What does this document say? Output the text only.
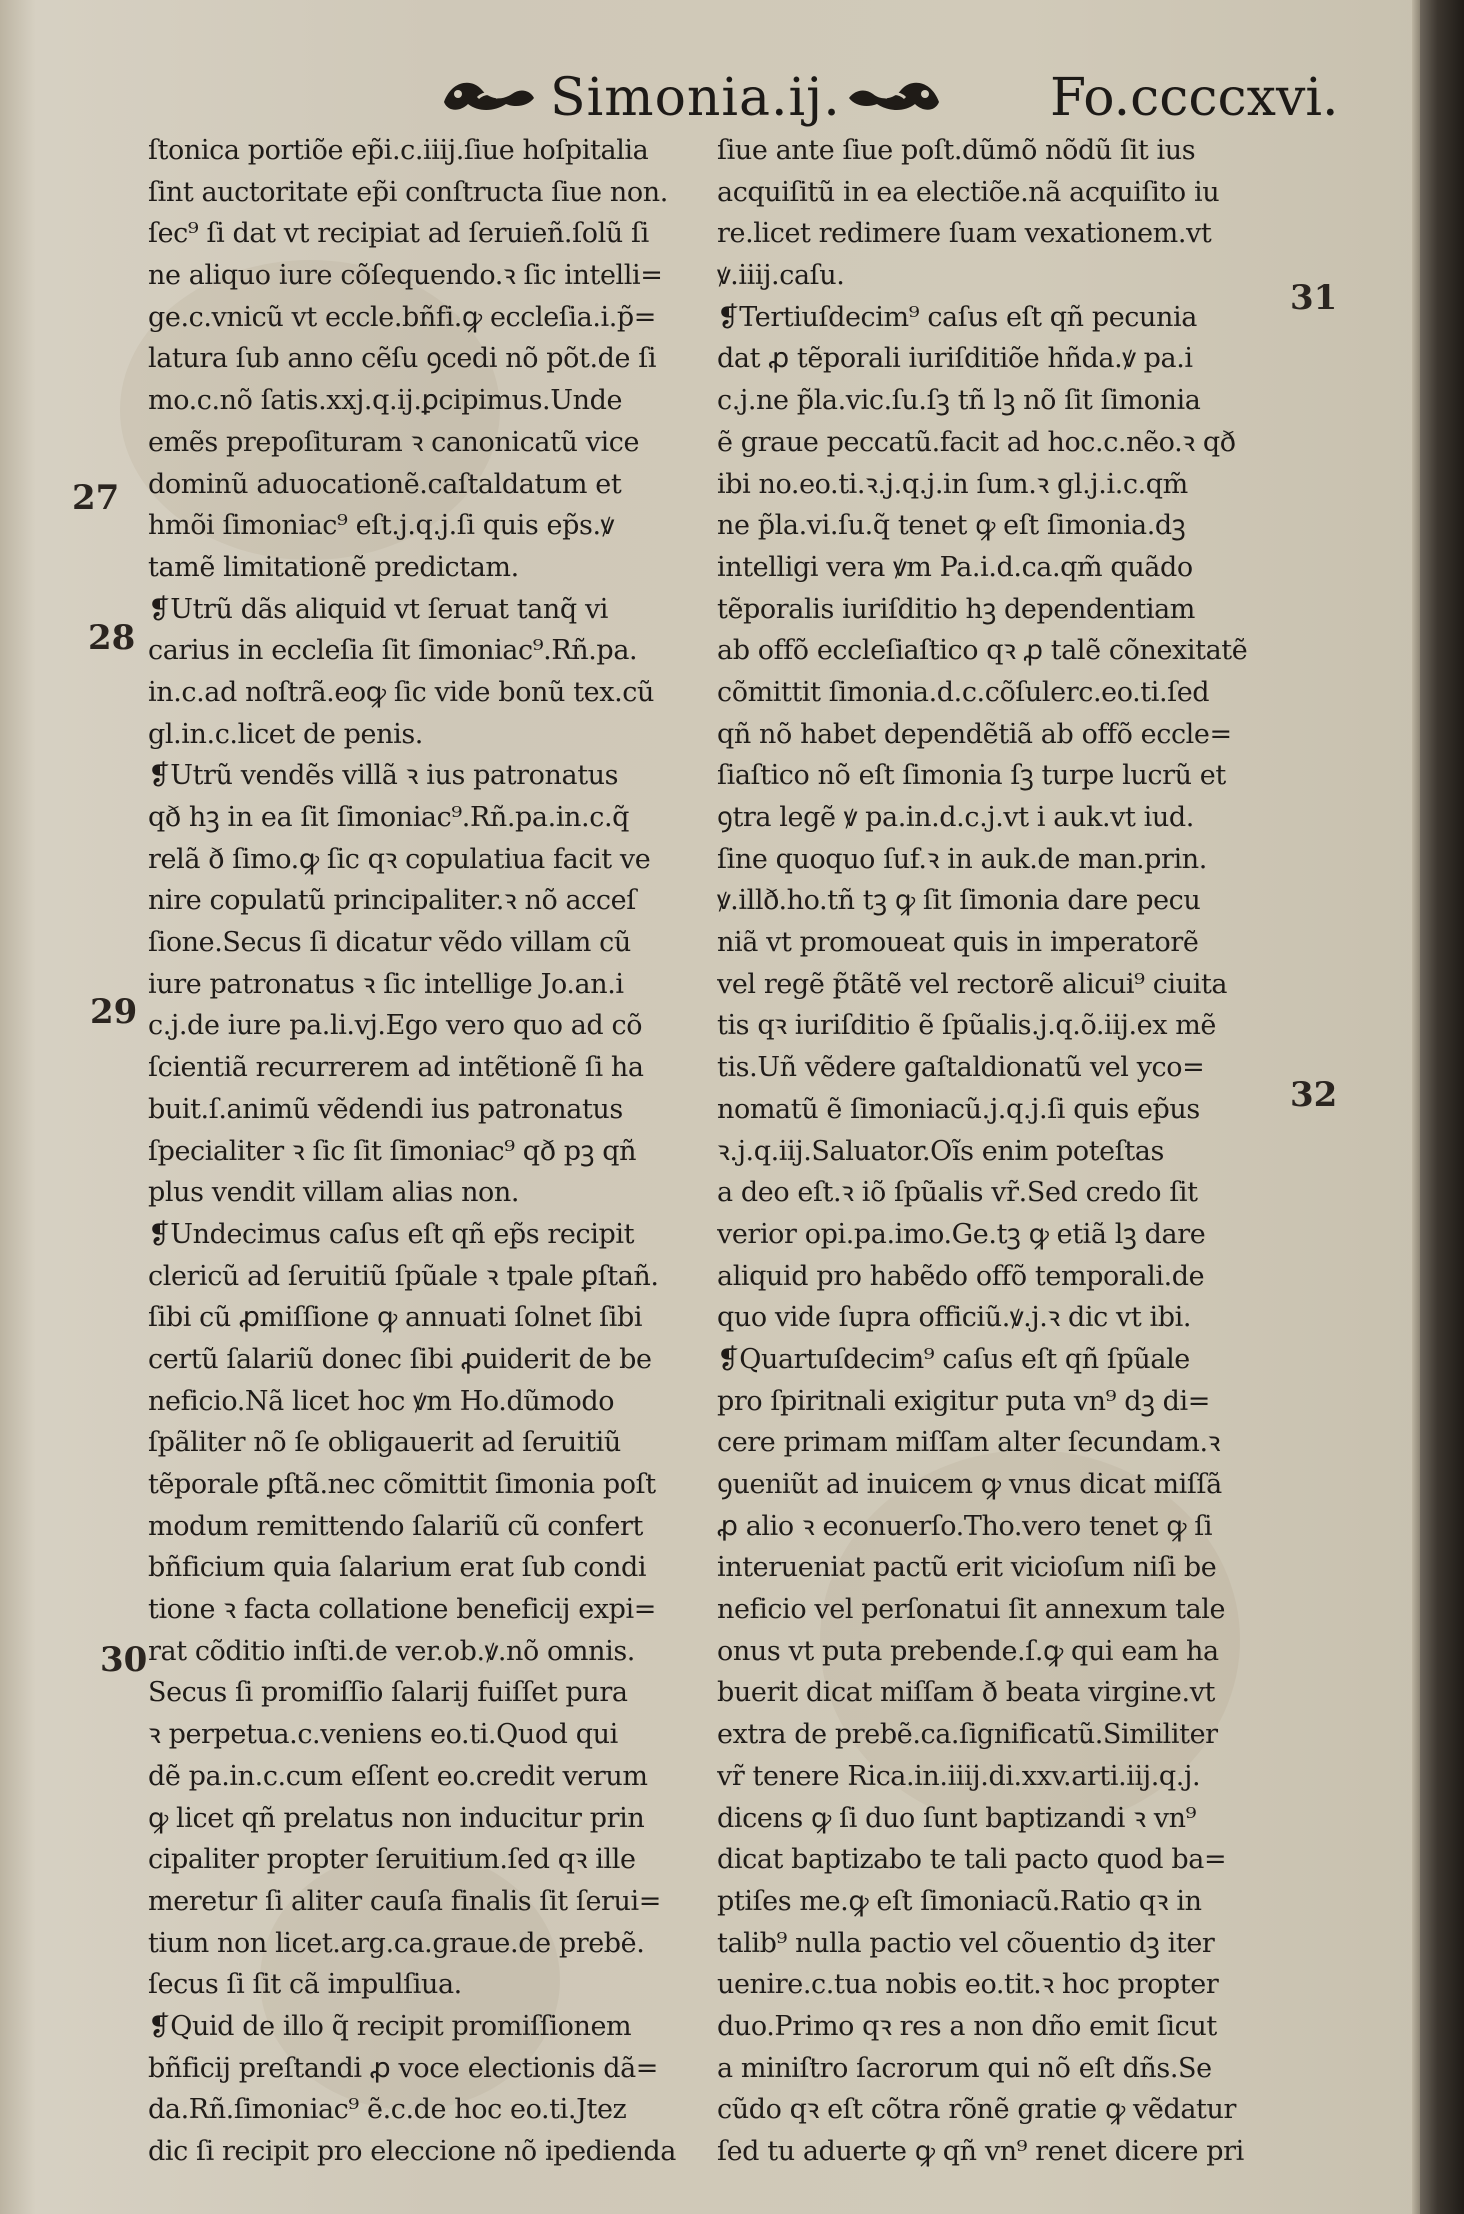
Simonia.ij.	Fo.ccccxvi.
ſtonica portiõe ep̃i.c.iiij.ſiue hoſpitalia
ſint auctoritate ep̃i conſtructa ſiue non.
ſec⁹ ſi dat vt recipiat ad ſeruieñ.ſolũ ſi
ne aliquo iure cõſequendo.ꝛ ſic intelli=
ge.c.vnicũ vt eccle.bñfi.ꝙ eccleſia.i.p̃=
latura ſub anno cẽſu ꝯcedi nõ põt.de ſi
mo.c.nõ ſatis.xxj.q.ij.ꝑcipimus.Unde
emẽs prepoſituram ꝛ canonicatũ vice
dominũ aduocationẽ.caſtaldatum et
hmõi ſimoniac⁹ eſt.j.q.j.ſi quis ep̃s.ꝟ
tamẽ limitationẽ predictam.
❡Utrũ dãs aliquid vt ſeruat tanq̃ vi
carius in eccleſia ſit ſimoniac⁹.Rñ.pa.
in.c.ad noſtrã.eoꝙ ſic vide bonũ tex.cũ
gl.in.c.licet de penis.
❡Utrũ vendẽs villã ꝛ ius patronatus
qð hꝫ in ea ſit ſimoniac⁹.Rñ.pa.in.c.q̃
relã ð ſimo.ꝙ ſic qꝛ copulatiua facit ve
nire copulatũ principaliter.ꝛ nõ acceſ
ſione.Secus ſi dicatur vẽdo villam cũ
iure patronatus ꝛ ſic intellige Jo.an.i
c.j.de iure pa.li.vj.Ego vero quo ad cõ
ſcientiã recurrerem ad intẽtionẽ ſi ha
buit.ſ.animũ vẽdendi ius patronatus
ſpecialiter ꝛ ſic ſit ſimoniac⁹ qð pꝫ qñ
plus vendit villam alias non.
❡Undecimus caſus eſt qñ ep̃s recipit
clericũ ad ſeruitiũ ſpũale ꝛ tpale ꝑſtañ.
ſibi cũ ꝓmiſſione ꝙ annuati ſolnet ſibi
certũ ſalariũ donec ſibi ꝓuiderit de be
neficio.Nã licet hoc ꝟm Ho.dũmodo
ſpãliter nõ ſe obligauerit ad ſeruitiũ
tẽporale ꝑſtã.nec cõmittit ſimonia poſt
modum remittendo ſalariũ cũ confert
bñficium quia ſalarium erat ſub condi
tione ꝛ facta collatione beneficij expi=
rat cõditio inſti.de ver.ob.ꝟ.nõ omnis.
Secus ſi promiſſio ſalarij fuiſſet pura
ꝛ perpetua.c.veniens eo.ti.Quod qui
dẽ pa.in.c.cum eſſent eo.credit verum
ꝙ licet qñ prelatus non inducitur prin
cipaliter propter ſeruitium.ſed qꝛ ille
meretur ſi aliter cauſa finalis ſit ſerui=
tium non licet.arg.ca.graue.de prebẽ.
ſecus ſi ſit cã impulſiua.
❡Quid de illo q̃ recipit promiſſionem
bñficij preſtandi ꝓ voce electionis dã=
da.Rñ.ſimoniac⁹ ẽ.c.de hoc eo.ti.Jtez
dic ſi recipit pro eleccione nõ ipedienda
ſiue ante ſiue poſt.dũmõ nõdũ ſit ius
acquiſitũ in ea electiõe.nã acquiſito iu
re.licet redimere ſuam vexationem.vt
ꝟ.iiij.caſu.
❡Tertiuſdecim⁹ caſus eſt qñ pecunia
dat ꝓ tẽporali iuriſditiõe hñda.ꝟ pa.i
c.j.ne p̃la.vic.ſu.ſꝫ tñ lꝫ nõ ſit ſimonia
ẽ graue peccatũ.facit ad hoc.c.nẽo.ꝛ qð
ibi no.eo.ti.ꝛ.j.q.j.in ſum.ꝛ gl.j.i.c.qm̃
ne p̃la.vi.ſu.q̃ tenet ꝙ eſt ſimonia.dꝫ
intelligi vera ꝟm Pa.i.d.ca.qm̃ quãdo
tẽporalis iuriſditio hꝫ dependentiam
ab offõ eccleſiaſtico qꝛ ꝓ talẽ cõnexitatẽ
cõmittit ſimonia.d.c.cõſulerc.eo.ti.ſed
qñ nõ habet dependẽtiã ab offõ eccle=
ſiaſtico nõ eſt ſimonia ſꝫ turpe lucrũ et
ꝯtra legẽ ꝟ pa.in.d.c.j.vt i auk.vt iud.
ſine quoquo ſuf.ꝛ in auk.de man.prin.
ꝟ.illð.ho.tñ tꝫ ꝙ ſit ſimonia dare pecu
niã vt promoueat quis in imperatorẽ
vel regẽ p̃tãtẽ vel rectorẽ alicui⁹ ciuita
tis qꝛ iuriſditio ẽ ſpũalis.j.q.õ.iij.ex mẽ
tis.Uñ vẽdere gaſtaldionatũ vel yco=
nomatũ ẽ ſimoniacũ.j.q.j.ſi quis ep̃us
ꝛ.j.q.iij.Saluator.Oĩs enim poteſtas
a deo eſt.ꝛ iõ ſpũalis vr̃.Sed credo ſit
verior opi.pa.imo.Ge.tꝫ ꝙ etiã lꝫ dare
aliquid pro habẽdo offõ temporali.de
quo vide ſupra officiũ.ꝟ.j.ꝛ dic vt ibi.
❡Quartuſdecim⁹ caſus eſt qñ ſpũale
pro ſpiritnali exigitur puta vn⁹ dꝫ di=
cere primam miſſam alter ſecundam.ꝛ
ꝯueniũt ad inuicem ꝙ vnus dicat miſſã
ꝓ alio ꝛ econuerſo.Tho.vero tenet ꝙ ſi
interueniat pactũ erit vicioſum niſi be
neficio vel perſonatui ſit annexum tale
onus vt puta prebende.ſ.ꝙ qui eam ha
buerit dicat miſſam ð beata virgine.vt
extra de prebẽ.ca.ſignificatũ.Similiter
vr̃ tenere Rica.in.iiij.di.xxv.arti.iij.q.j.
dicens ꝙ ſi duo ſunt baptizandi ꝛ vn⁹
dicat baptizabo te tali pacto quod ba=
ptiſes me.ꝙ eſt ſimoniacũ.Ratio qꝛ in
talib⁹ nulla pactio vel cõuentio dꝫ iter
uenire.c.tua nobis eo.tit.ꝛ hoc propter
duo.Primo qꝛ res a non dño emit ſicut
a miniſtro ſacrorum qui nõ eſt dñs.Se
cũdo qꝛ eſt cõtra rõnẽ gratie ꝙ vẽdatur
ſed tu aduerte ꝙ qñ vn⁹ renet dicere pri
27
28
29
30
31
32
